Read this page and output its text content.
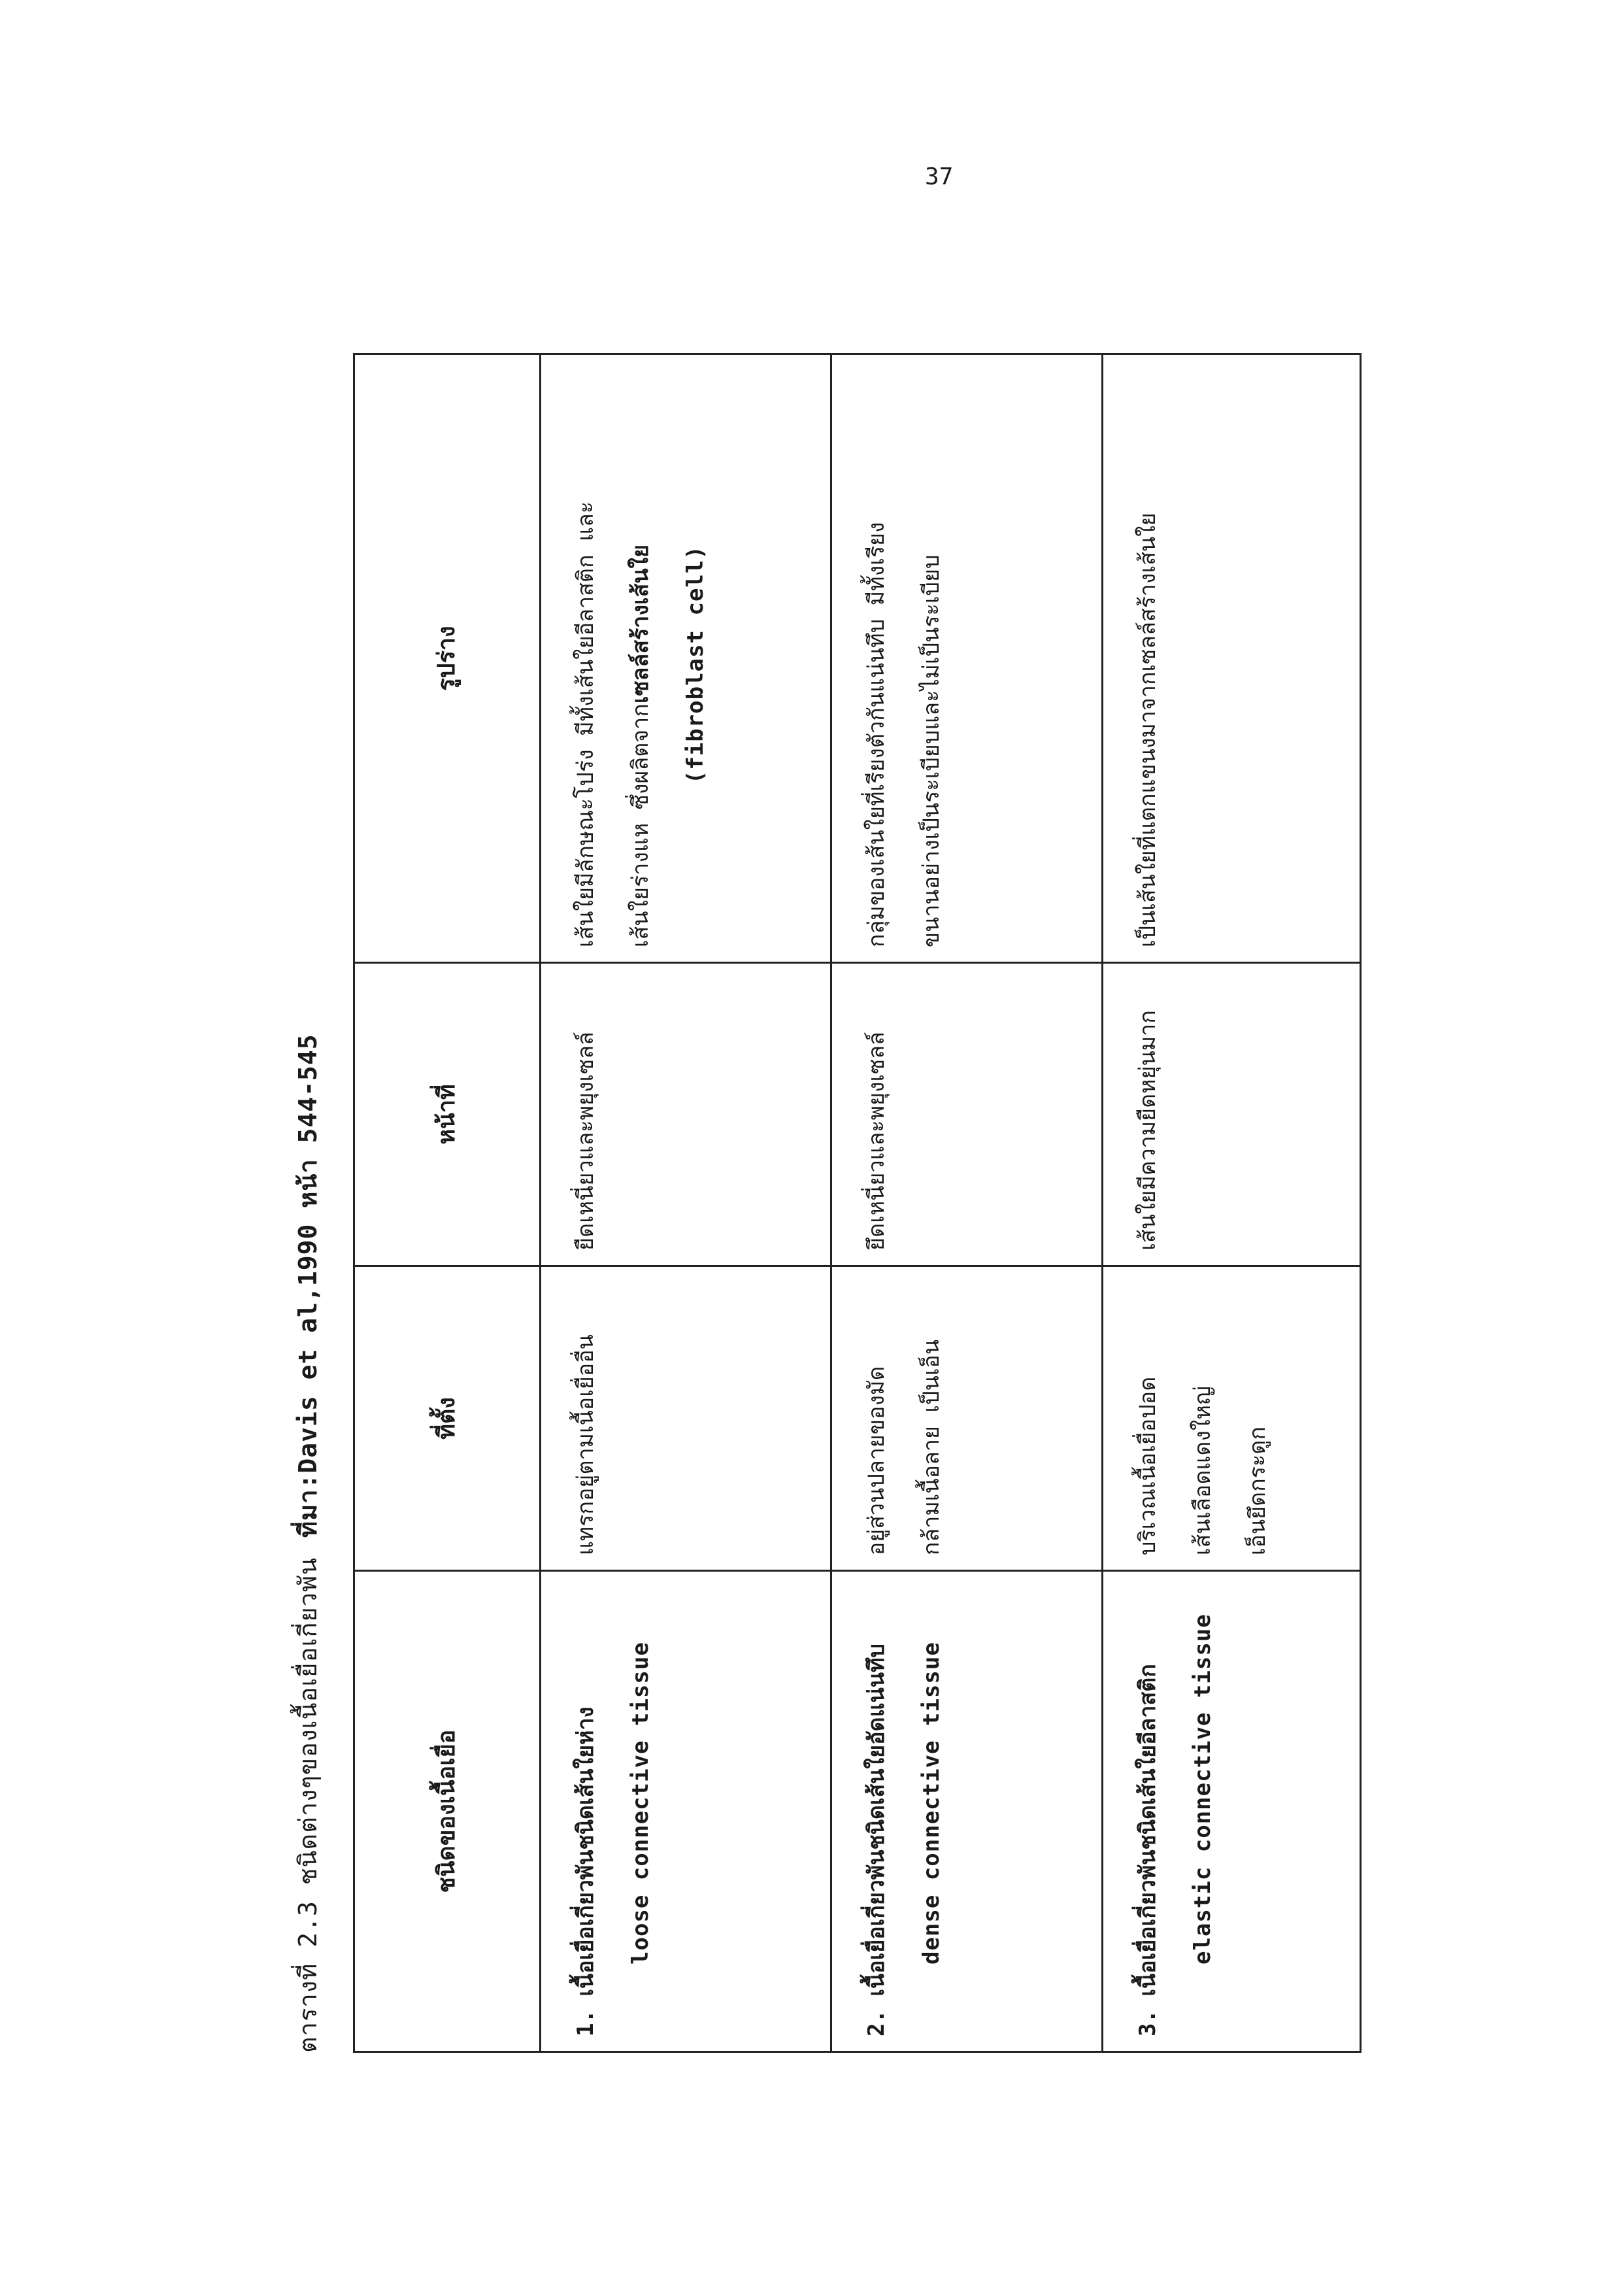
37
ตารางที่ 2.3 ชนิดต่างๆของเนื้อเยื่อเกี่ยวพันที่มา:Davis et al,1990 หน้า 544-545
ชนิดของเนื้อเยื่อ	ที่ตั้ง	หน้าที่	รูปร่าง

1. เนื้อเยื่อเกี่ยวพันชนิดเส้นใยห่าง loose connective tissue	แทรกอยู่ตามเนื้อเยื่ออื่น	ยืดเหนี่ยวและพยุงเซลล์	เส้นใยมีลักษณะโปร่ง มีทั้งเส้นใยอีลาสติก และ เส้นใยร่างแห ซึ่งผลิตจากเซลล์สร้างเส้นใย (fibroblast cell)

2. เนื้อเยื่อเกี่ยวพันชนิดเส้นใยอัดแน่นทึบ dense connective tissue	อยู่ส่วนปลายของมัด กล้ามเนื้อลาย เป็นเอ็น	ยึดเหนี่ยวและพยุงเซลล์	กลุ่มของเส้นใยที่เรียงตัวกันแน่นทึบ มีทั้งเรียง ขนานอย่างเป็นระเบียบและไม่เป็นระเบียบ

3. เนื้อเยื่อเกี่ยวพันชนิดเส้นใยอีลาสติก elastic connective tissue	บริเวณเนื้อเยื่อปอด เส้นเลือดแดงใหญ่ เอ็นยึดกระดูก	เส้นใยมีความยืดหยุ่นมาก	เป็นเส้นใยที่แตกแขนงมาจากเซลล์สร้างเส้นใย
